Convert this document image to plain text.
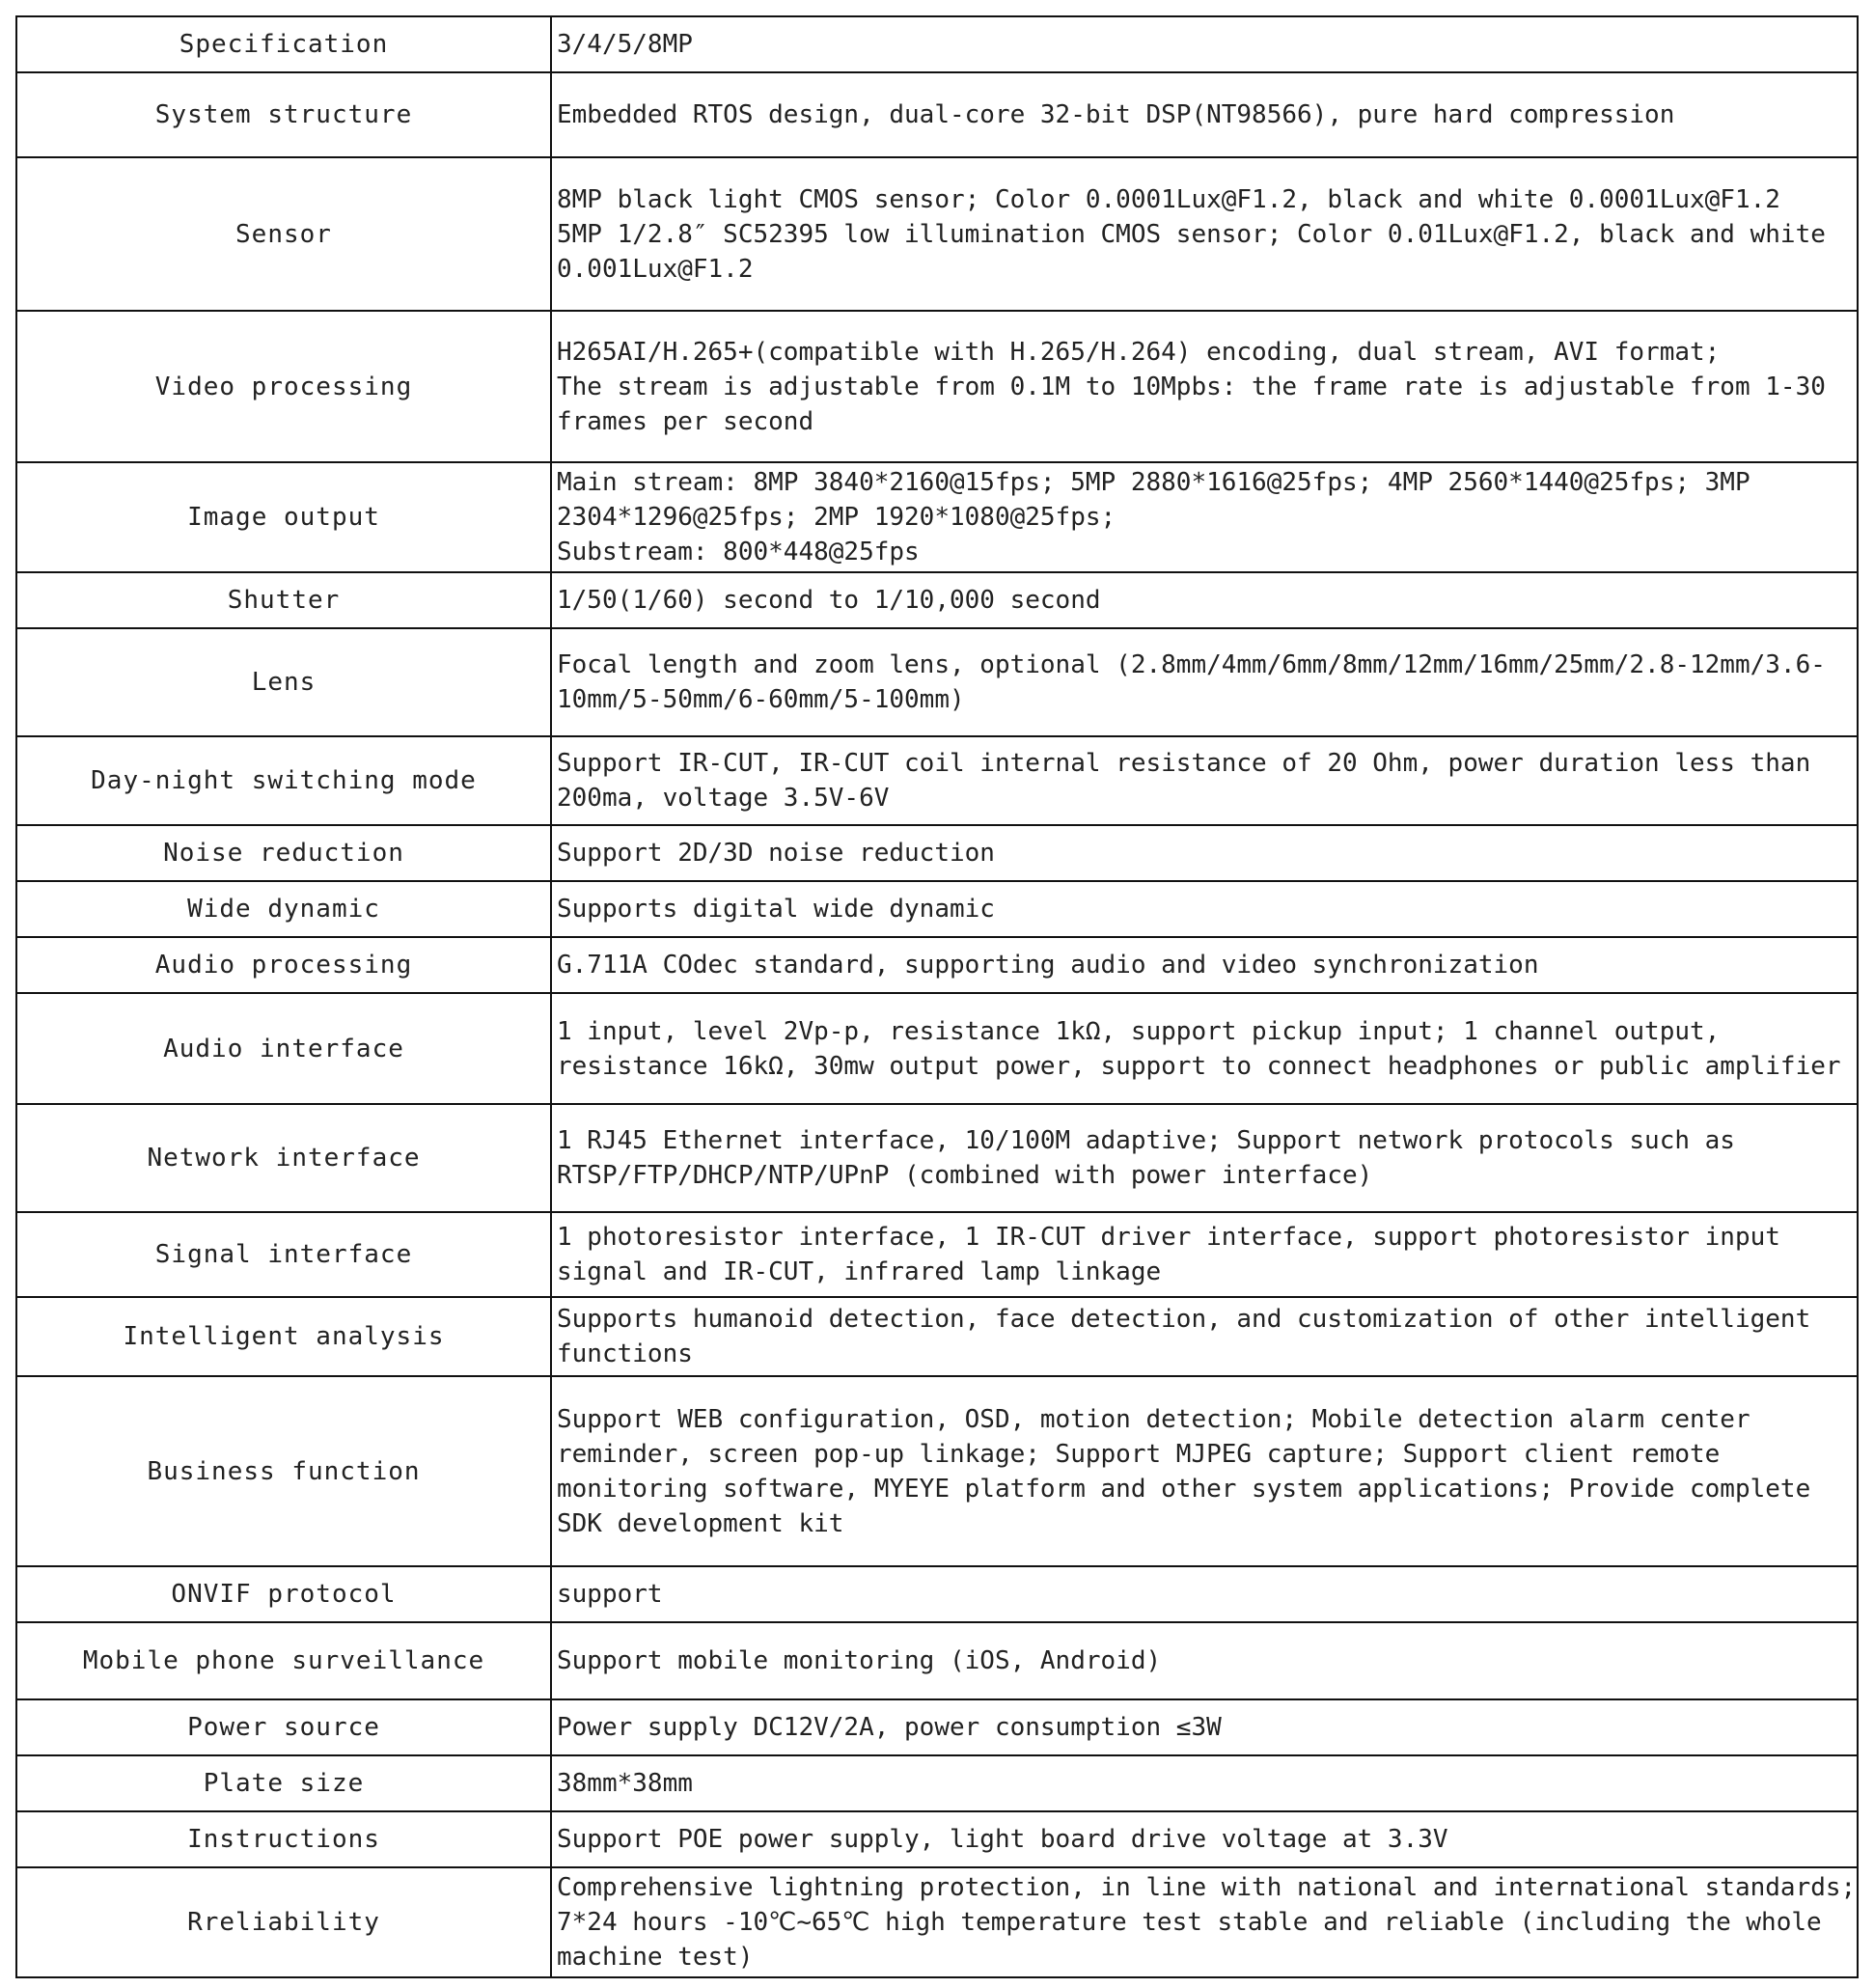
Specification	3/4/5/8MP
System structure	Embedded RTOS design, dual-core 32-bit DSP(NT98566), pure hard compression
Sensor	8MP black light CMOS sensor; Color 0.0001Lux@F1.2, black and white 0.0001Lux@F1.2
5MP 1/2.8″ SC52395 low illumination CMOS sensor; Color 0.01Lux@F1.2, black and white 0.001Lux@F1.2
Video processing	H265AI/H.265+(compatible with H.265/H.264) encoding, dual stream, AVI format;
The stream is adjustable from 0.1M to 10Mpbs: the frame rate is adjustable from 1-30 frames per second
Image output	Main stream: 8MP 3840*2160@15fps; 5MP 2880*1616@25fps; 4MP 2560*1440@25fps; 3MP 2304*1296@25fps; 2MP 1920*1080@25fps;
Substream: 800*448@25fps
Shutter	1/50(1/60) second to 1/10,000 second
Lens	Focal length and zoom lens, optional (2.8mm/4mm/6mm/8mm/12mm/16mm/25mm/2.8-12mm/3.6-10mm/5-50mm/6-60mm/5-100mm)
Day-night switching mode	Support IR-CUT, IR-CUT coil internal resistance of 20 Ohm, power duration less than 200ma, voltage 3.5V-6V
Noise reduction	Support 2D/3D noise reduction
Wide dynamic	Supports digital wide dynamic
Audio processing	G.711A COdec standard, supporting audio and video synchronization
Audio interface	1 input, level 2Vp-p, resistance 1kΩ, support pickup input; 1 channel output, resistance 16kΩ, 30mw output power, support to connect headphones or public amplifier
Network interface	1 RJ45 Ethernet interface, 10/100M adaptive; Support network protocols such as RTSP/FTP/DHCP/NTP/UPnP (combined with power interface)
Signal interface	1 photoresistor interface, 1 IR-CUT driver interface, support photoresistor input signal and IR-CUT, infrared lamp linkage
Intelligent analysis	Supports humanoid detection, face detection, and customization of other intelligent functions
Business function	Support WEB configuration, OSD, motion detection; Mobile detection alarm center reminder, screen pop-up linkage; Support MJPEG capture; Support client remote monitoring software, MYEYE platform and other system applications; Provide complete SDK development kit
ONVIF protocol	support
Mobile phone surveillance	Support mobile monitoring (iOS, Android)
Power source	Power supply DC12V/2A, power consumption ≤3W
Plate size	38mm*38mm
Instructions	Support POE power supply, light board drive voltage at 3.3V
Rreliability	Comprehensive lightning protection, in line with national and international standards; 7*24 hours -10℃~65℃ high temperature test stable and reliable (including the whole machine test)
